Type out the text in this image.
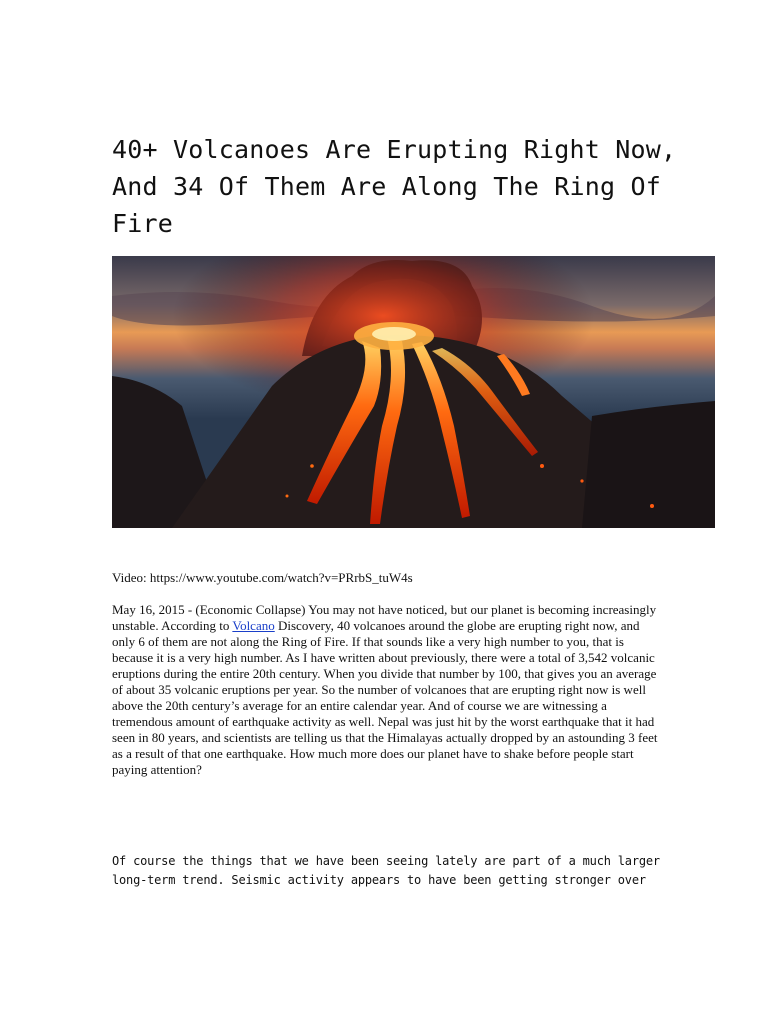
40+ Volcanoes Are Erupting Right Now, And 34 Of Them Are Along The Ring Of Fire

Video: https://www.youtube.com/watch?v=PRrbS_tuW4s

May 16, 2015 - (Economic Collapse) You may not have noticed, but our planet is becoming increasingly unstable. According to Volcano Discovery, 40 volcanoes around the globe are erupting right now, and only 6 of them are not along the Ring of Fire. If that sounds like a very high number to you, that is because it is a very high number. As I have written about previously, there were a total of 3,542 volcanic eruptions during the entire 20th century. When you divide that number by 100, that gives you an average of about 35 volcanic eruptions per year. So the number of volcanoes that are erupting right now is well above the 20th century’s average for an entire calendar year. And of course we are witnessing a tremendous amount of earthquake activity as well. Nepal was just hit by the worst earthquake that it had seen in 80 years, and scientists are telling us that the Himalayas actually dropped by an astounding 3 feet as a result of that one earthquake. How much more does our planet have to shake before people start paying attention?

Of course the things that we have been seeing lately are part of a much larger
long-term trend. Seismic activity appears to have been getting stronger over
